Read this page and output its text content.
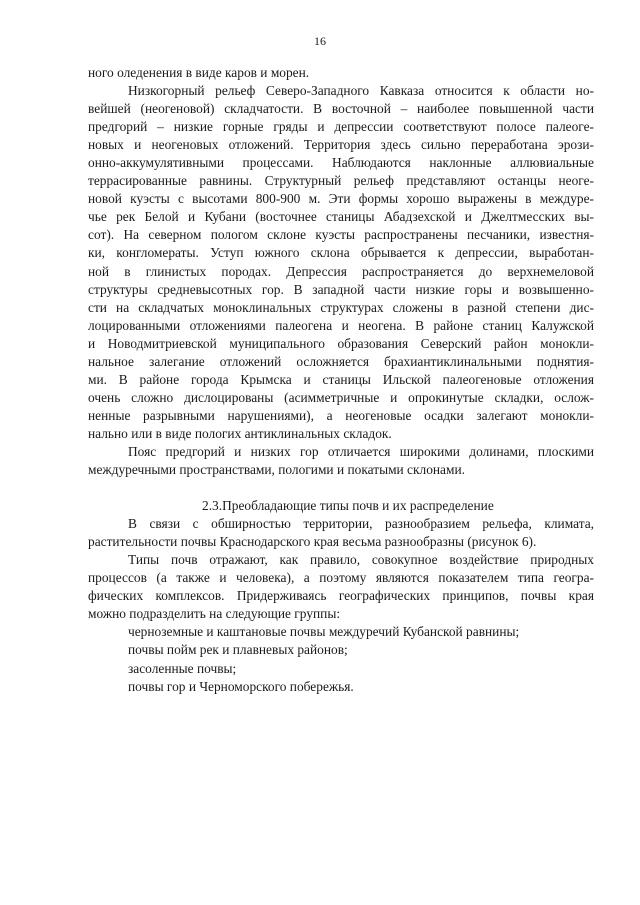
16
ного оледенения в виде каров и морен.
Низкогорный рельеф Северо-Западного Кавказа относится к области но-
вейшей (неогеновой) складчатости. В восточной – наиболее повышенной части
предгорий – низкие горные гряды и депрессии соответствуют полосе палеоге-
новых и неогеновых отложений. Территория здесь сильно переработана эрози-
онно-аккумулятивными процессами. Наблюдаются наклонные аллювиальные
террасированные равнины. Структурный рельеф представляют останцы неоге-
новой куэсты с высотами 800-900 м. Эти формы хорошо выражены в междуре-
чье рек Белой и Кубани (восточнее станицы Абадзехской и Джелтмесских вы-
сот). На северном пологом склоне куэсты распространены песчаники, известня-
ки, конгломераты. Уступ южного склона обрывается к депрессии, выработан-
ной в глинистых породах. Депрессия распространяется до верхнемеловой
структуры средневысотных гор. В западной части низкие горы и возвышенно-
сти на складчатых моноклинальных структурах сложены в разной степени дис-
лоцированными отложениями палеогена и неогена. В районе станиц Калужской
и Новодмитриевской муниципального образования Северский район монокли-
нальное залегание отложений осложняется брахиантиклинальными поднятия-
ми. В районе города Крымска и станицы Ильской палеогеновые отложения
очень сложно дислоцированы (асимметричные и опрокинутые складки, ослож-
ненные разрывными нарушениями), а неогеновые осадки залегают монокли-
нально или в виде пологих антиклинальных складок.
Пояс предгорий и низких гор отличается широкими долинами, плоскими
междуречными пространствами, пологими и покатыми склонами.
2.3.Преобладающие типы почв и их распределение
В связи с обширностью территории, разнообразием рельефа, климата,
растительности почвы Краснодарского края весьма разнообразны (рисунок 6).
Типы почв отражают, как правило, совокупное воздействие природных
процессов (а также и человека), а поэтому являются показателем типа геогра-
фических комплексов. Придерживаясь географических принципов, почвы края
можно подразделить на следующие группы:
черноземные и каштановые почвы междуречий Кубанской равнины;
почвы пойм рек и плавневых районов;
засоленные почвы;
почвы гор и Черноморского побережья.
